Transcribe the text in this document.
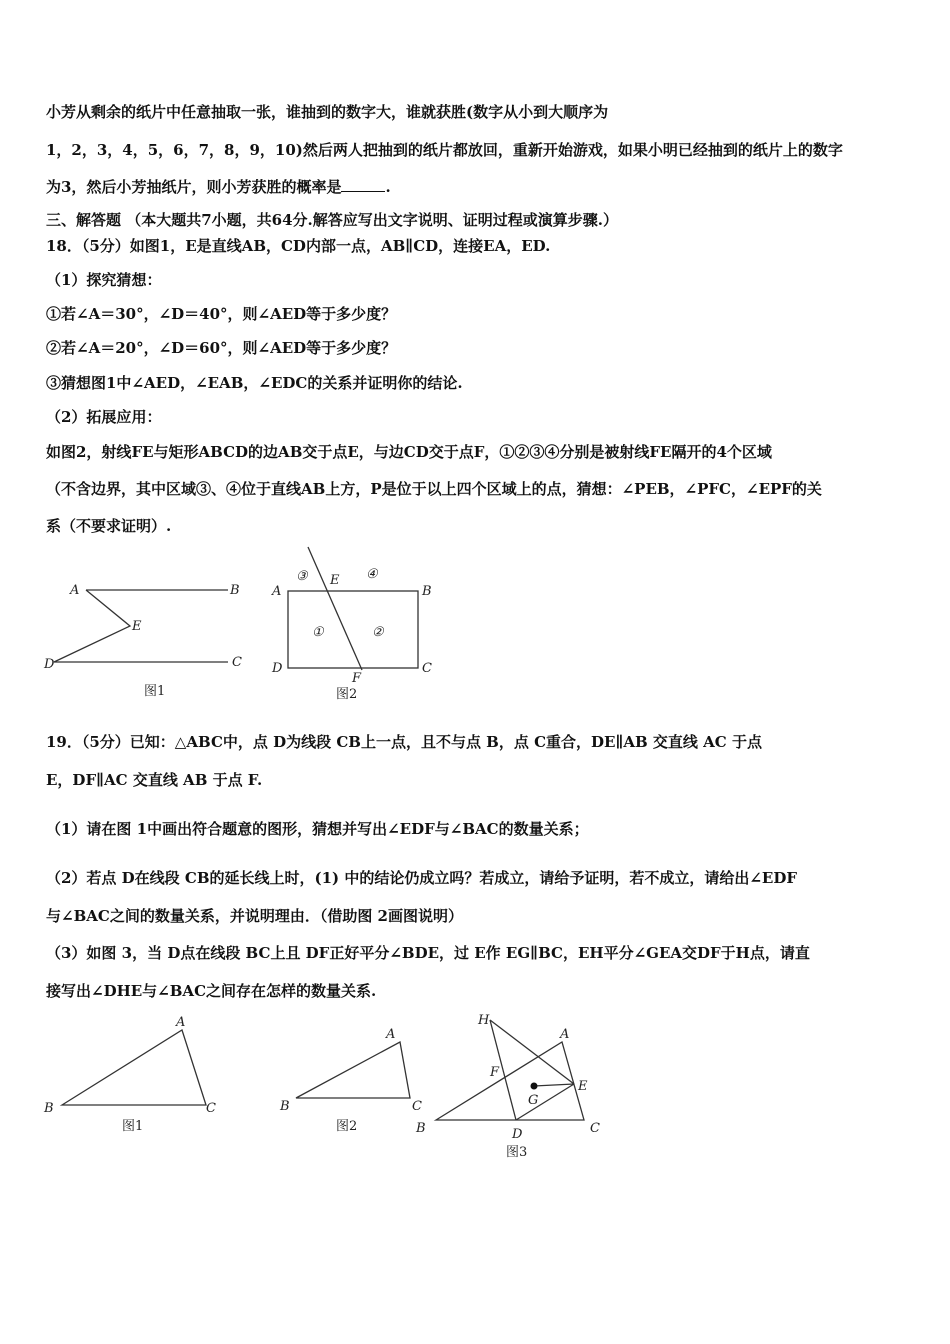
小芳从剩余的纸片中任意抽取一张，谁抽到的数字大，谁就获胜(数字从小到大顺序为
1，2，3，4，5，6，7，8，9，10)然后两人把抽到的纸片都放回，重新开始游戏，如果小明已经抽到的纸片上的数字
为3，然后小芳抽纸片，则小芳获胜的概率是	.
三、解答题 （本大题共7小题，共64分.解答应写出文字说明、证明过程或演算步骤.）
18．（5分）如图1，E是直线AB，CD内部一点，AB∥CD，连接EA，ED.
（1）探究猜想：
①若∠A＝30°，∠D＝40°，则∠AED等于多少度？
②若∠A＝20°，∠D＝60°，则∠AED等于多少度？
③猜想图1中∠AED，∠EAB，∠EDC的关系并证明你的结论.
（2）拓展应用：
如图2，射线FE与矩形ABCD的边AB交于点E，与边CD交于点F，①②③④分别是被射线FE隔开的4个区域
（不含边界，其中区域③、④位于直线AB上方，P是位于以上四个区域上的点，猜想：∠PEB，∠PFC，∠EPF的关
系（不要求证明）.
A	B
E
D	C
图1
③ E ④
A	B
①	②
D	C
F
图2
19．（5分）已知：△ABC中，点 D为线段 CB上一点，且不与点 B，点 C重合，DE∥AB 交直线 AC 于点
E，DF∥AC 交直线 AB 于点 F.
（1）请在图 1中画出符合题意的图形，猜想并写出∠EDF与∠BAC的数量关系；
（2）若点 D在线段 CB的延长线上时，(1) 中的结论仍成立吗？若成立，请给予证明，若不成立，请给出∠EDF
与∠BAC之间的数量关系，并说明理由．（借助图 2画图说明）
（3）如图 3，当 D点在线段 BC上且 DF正好平分∠BDE，过 E作 EG∥BC，EH平分∠GEA交DF于H点，请直
接写出∠DHE与∠BAC之间存在怎样的数量关系.
A
B	C
图1
A
B	C
图2
H
A
F
E
G
B	D	C
图3
